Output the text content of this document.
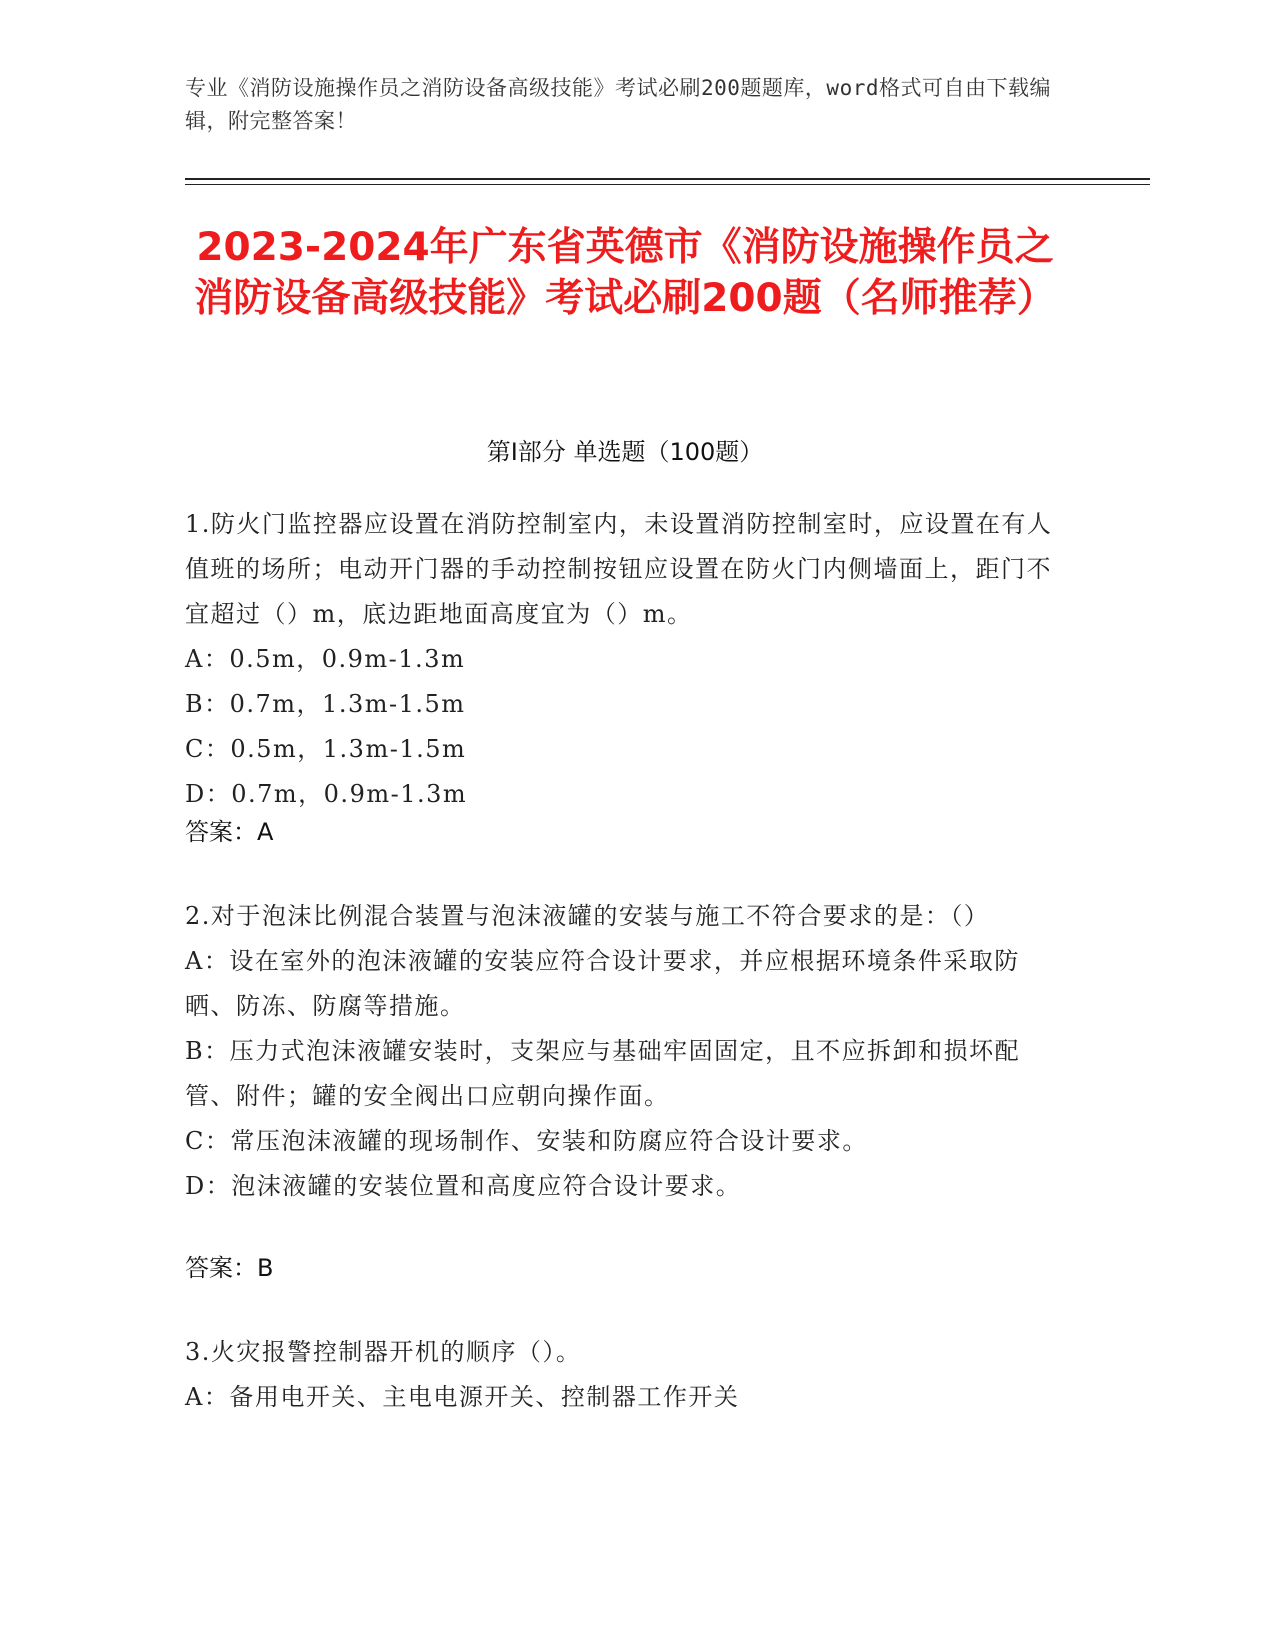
专业《消防设施操作员之消防设备高级技能》考试必刷200题题库，word格式可自由下载编辑，附完整答案！
2023-2024年广东省英德市《消防设施操作员之消防设备高级技能》考试必刷200题（名师推荐）
第I部分 单选题（100题）
1.防火门监控器应设置在消防控制室内，未设置消防控制室时，应设置在有人值班的场所；电动开门器的手动控制按钮应设置在防火门内侧墙面上，距门不宜超过（）m，底边距地面高度宜为（）m。
A：0.5m，0.9m-1.3m
B：0.7m，1.3m-1.5m
C：0.5m，1.3m-1.5m
D：0.7m，0.9m-1.3m
答案：A
2.对于泡沫比例混合装置与泡沫液罐的安装与施工不符合要求的是：（）
A：设在室外的泡沫液罐的安装应符合设计要求，并应根据环境条件采取防晒、防冻、防腐等措施。
B：压力式泡沫液罐安装时，支架应与基础牢固固定，且不应拆卸和损坏配管、附件；罐的安全阀出口应朝向操作面。
C：常压泡沫液罐的现场制作、安装和防腐应符合设计要求。
D：泡沫液罐的安装位置和高度应符合设计要求。
答案：B
3.火灾报警控制器开机的顺序（）。
A：备用电开关、主电电源开关、控制器工作开关
